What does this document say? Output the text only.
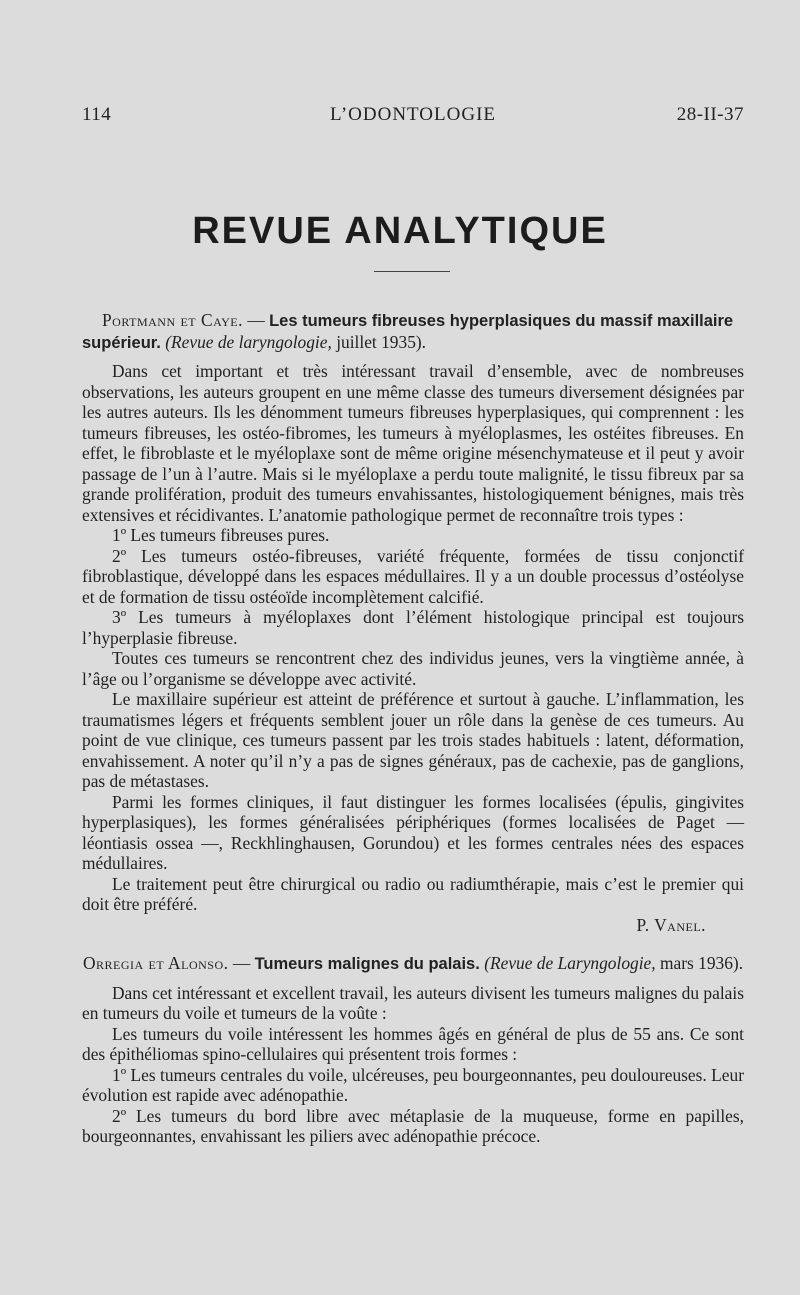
114	L’ODONTOLOGIE	28-II-37
REVUE ANALYTIQUE

Portmann et Caye. — Les tumeurs fibreuses hyperplasiques du massif maxillaire supérieur. (Revue de laryngologie, juillet 1935).

Dans cet important et très intéressant travail d’ensemble, avec de nombreuses observations, les auteurs groupent en une même classe des tumeurs diversement désignées par les autres auteurs. Ils les dénomment tumeurs fibreuses hyperplasiques, qui comprennent : les tumeurs fibreuses, les ostéo-fibromes, les tumeurs à myéloplasmes, les ostéites fibreuses. En effet, le fibroblaste et le myéloplaxe sont de même origine mésenchymateuse et il peut y avoir passage de l’un à l’autre. Mais si le myéloplaxe a perdu toute malignité, le tissu fibreux par sa grande prolifération, produit des tumeurs envahissantes, histologiquement bénignes, mais très extensives et récidivantes. L’anatomie pathologique permet de reconnaître trois types :

1º Les tumeurs fibreuses pures.

2º Les tumeurs ostéo-fibreuses, variété fréquente, formées de tissu conjonctif fibroblastique, développé dans les espaces médullaires. Il y a un double processus d’ostéolyse et de formation de tissu ostéoïde incomplètement calcifié.

3º Les tumeurs à myéloplaxes dont l’élément histologique principal est toujours l’hyperplasie fibreuse.

Toutes ces tumeurs se rencontrent chez des individus jeunes, vers la vingtième année, à l’âge ou l’organisme se développe avec activité.

Le maxillaire supérieur est atteint de préférence et surtout à gauche. L’inflammation, les traumatismes légers et fréquents semblent jouer un rôle dans la genèse de ces tumeurs. Au point de vue clinique, ces tumeurs passent par les trois stades habituels : latent, déformation, envahissement. A noter qu’il n’y a pas de signes généraux, pas de cachexie, pas de ganglions, pas de métastases.

Parmi les formes cliniques, il faut distinguer les formes localisées (épulis, gingivites hyperplasiques), les formes généralisées périphériques (formes localisées de Paget — léontiasis ossea —, Reckhlinghausen, Gorundou) et les formes centrales nées des espaces médullaires.

Le traitement peut être chirurgical ou radio ou radiumthérapie, mais c’est le premier qui doit être préféré.

P. Vanel.

Orregia et Alonso. — Tumeurs malignes du palais. (Revue de Laryngologie, mars 1936).

Dans cet intéressant et excellent travail, les auteurs divisent les tumeurs malignes du palais en tumeurs du voile et tumeurs de la voûte :

Les tumeurs du voile intéressent les hommes âgés en général de plus de 55 ans. Ce sont des épithéliomas spino-cellulaires qui présentent trois formes :

1º Les tumeurs centrales du voile, ulcéreuses, peu bourgeonnantes, peu douloureuses. Leur évolution est rapide avec adénopathie.

2º Les tumeurs du bord libre avec métaplasie de la muqueuse, forme en papilles, bourgeonnantes, envahissant les piliers avec adénopathie précoce.
